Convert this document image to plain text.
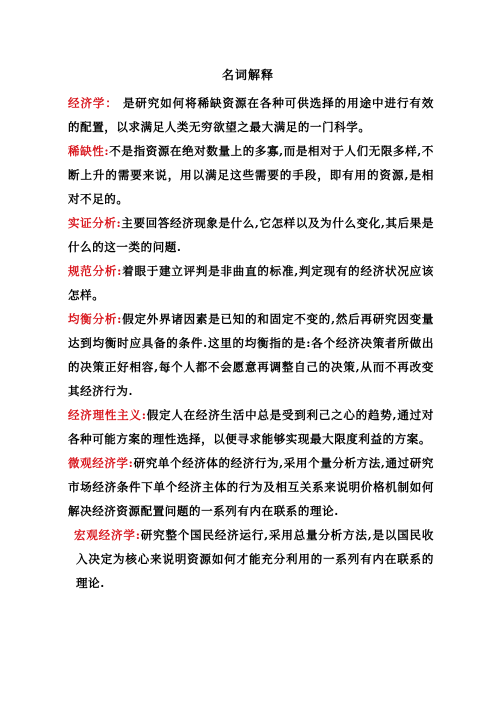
名词解释

经济学： 是研究如何将稀缺资源在各种可供选择的用途中进行有效的配置，以求满足人类无穷欲望之最大满足的一门科学。

稀缺性:不是指资源在绝对数量上的多寡,而是相对于人们无限多样,不断上升的需要来说，用以满足这些需要的手段，即有用的资源,是相对不足的。

实证分析:主要回答经济现象是什么,它怎样以及为什么变化,其后果是什么的这一类的问题.

规范分析:着眼于建立评判是非曲直的标准,判定现有的经济状况应该怎样。

均衡分析:假定外界诸因素是已知的和固定不变的,然后再研究因变量达到均衡时应具备的条件.这里的均衡指的是:各个经济决策者所做出的决策正好相容,每个人都不会愿意再调整自己的决策,从而不再改变其经济行为.

经济理性主义:假定人在经济生活中总是受到利己之心的趋势,通过对各种可能方案的理性选择，以便寻求能够实现最大限度利益的方案。

微观经济学:研究单个经济体的经济行为,采用个量分析方法,通过研究市场经济条件下单个经济主体的行为及相互关系来说明价格机制如何解决经济资源配置问题的一系列有内在联系的理论.

宏观经济学:研究整个国民经济运行,采用总量分析方法,是以国民收入决定为核心来说明资源如何才能充分利用的一系列有内在联系的理论.
